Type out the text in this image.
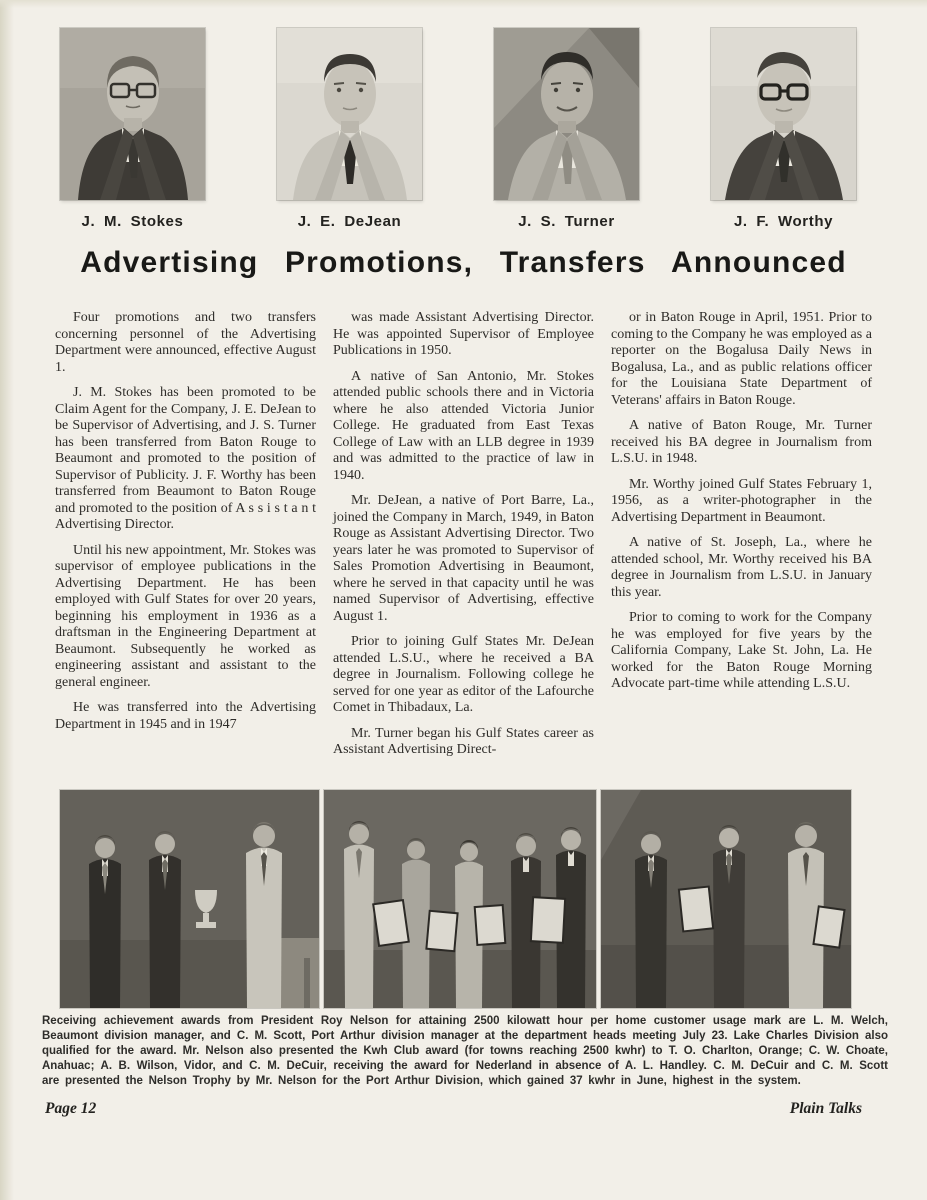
J. M. Stokes	J. E. DeJean	J. S. Turner	J. F. Worthy
Advertising Promotions, Transfers Announced

Four promotions and two transfers concerning personnel of the Advertising Department were announced, effective August 1.

J. M. Stokes has been promoted to be Claim Agent for the Company, J. E. DeJean to be Supervisor of Advertising, and J. S. Turner has been transferred from Baton Rouge to Beaumont and promoted to the position of Supervisor of Publicity. J. F. Worthy has been transferred from Beaumont to Baton Rouge and promoted to the position of A s s i s t a n t Advertising Director.

Until his new appointment, Mr. Stokes was supervisor of employee publications in the Advertising Department. He has been employed with Gulf States for over 20 years, beginning his employment in 1936 as a draftsman in the Engineering Department at Beaumont. Subsequently he worked as engineering assistant and assistant to the general engineer.

He was transferred into the Advertising Department in 1945 and in 1947

was made Assistant Advertising Director. He was appointed Supervisor of Employee Publications in 1950.

A native of San Antonio, Mr. Stokes attended public schools there and in Victoria where he also attended Victoria Junior College. He graduated from East Texas College of Law with an LLB degree in 1939 and was admitted to the practice of law in 1940.

Mr. DeJean, a native of Port Barre, La., joined the Company in March, 1949, in Baton Rouge as Assistant Advertising Director. Two years later he was promoted to Supervisor of Sales Promotion Advertising in Beaumont, where he served in that capacity until he was named Supervisor of Advertising, effective August 1.

Prior to joining Gulf States Mr. DeJean attended L.S.U., where he received a BA degree in Journalism. Following college he served for one year as editor of the Lafourche Comet in Thibadaux, La.

Mr. Turner began his Gulf States career as Assistant Advertising Direct-

or in Baton Rouge in April, 1951. Prior to coming to the Company he was employed as a reporter on the Bogalusa Daily News in Bogalusa, La., and as public relations officer for the Louisiana State Department of Veterans' affairs in Baton Rouge.

A native of Baton Rouge, Mr. Turner received his BA degree in Journalism from L.S.U. in 1948.

Mr. Worthy joined Gulf States February 1, 1956, as a writer-photographer in the Advertising Department in Beaumont.

A native of St. Joseph, La., where he attended school, Mr. Worthy received his BA degree in Journalism from L.S.U. in January this year.

Prior to coming to work for the Company he was employed for five years by the California Company, Lake St. John, La. He worked for the Baton Rouge Morning Advocate part-time while attending L.S.U.

Receiving achievement awards from President Roy Nelson for attaining 2500 kilowatt hour per home customer usage mark are L. M. Welch, Beaumont division manager, and C. M. Scott, Port Arthur division manager at the department heads meeting July 23. Lake Charles Division also qualified for the award. Mr. Nelson also presented the Kwh Club award (for towns reaching 2500 kwhr) to T. O. Charlton, Orange; C. W. Choate, Anahuac; A. B. Wilson, Vidor, and C. M. DeCuir, receiving the award for Nederland in absence of A. L. Handley. C. M. DeCuir and C. M. Scott are presented the Nelson Trophy by Mr. Nelson for the Port Arthur Division, which gained 37 kwhr in June, highest in the system.

Page 12	Plain Talks
